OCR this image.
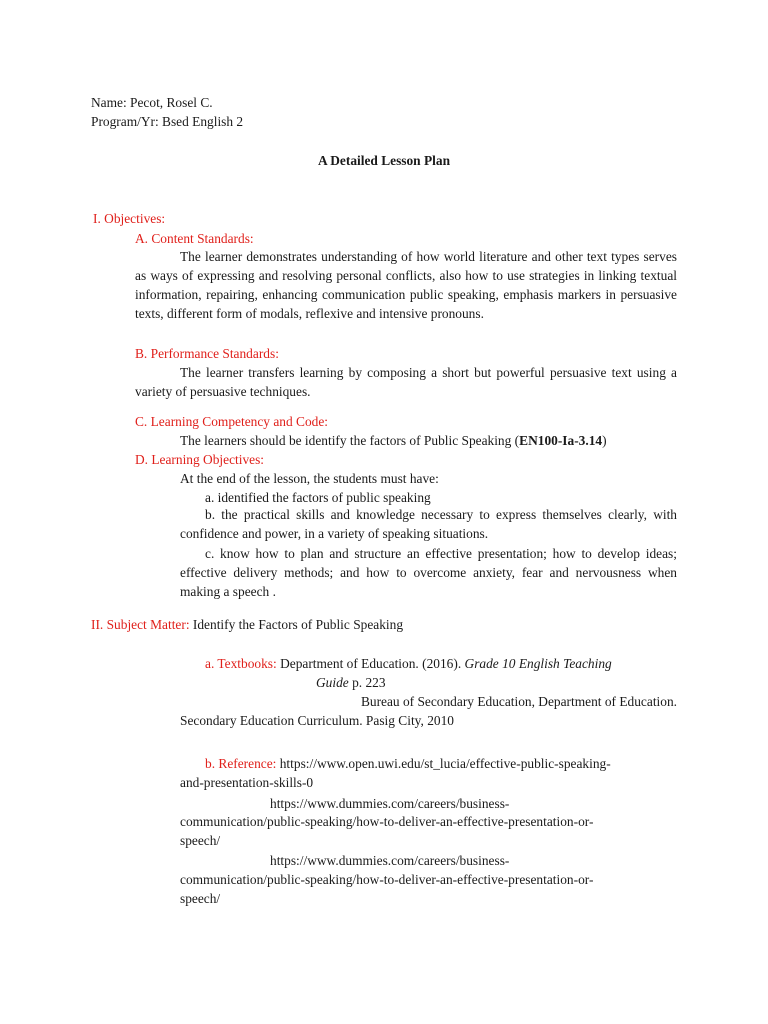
Name: Pecot, Rosel C.
Program/Yr: Bsed English 2
A Detailed Lesson Plan
I. Objectives:
A. Content Standards:

The learner demonstrates understanding of how world literature and other text types serves as ways of expressing and resolving personal conflicts, also how to use strategies in linking textual information, repairing, enhancing communication public speaking, emphasis markers in persuasive texts, different form of modals, reflexive and intensive pronouns.

B. Performance Standards:

The learner transfers learning by composing a short but powerful persuasive text using a variety of persuasive techniques.

C. Learning Competency and Code:
The learners should be identify the factors of Public Speaking (EN100-Ia-3.14)
D. Learning Objectives:
At the end of the lesson, the students must have:
a. identified the factors of public speaking

b. the practical skills and knowledge necessary to express themselves clearly, with confidence and power, in a variety of speaking situations.

c. know how to plan and structure an effective presentation; how to develop ideas; effective delivery methods; and how to overcome anxiety, fear and nervousness when making a speech .

II. Subject Matter: Identify the Factors of Public Speaking
a. Textbooks: Department of Education. (2016). Grade 10 English Teaching
Guide p. 223
Bureau of Secondary Education, Department of Education.
Secondary Education Curriculum. Pasig City, 2010
b. Reference: https://www.open.uwi.edu/st_lucia/effective-public-speaking-
and-presentation-skills-0
https://www.dummies.com/careers/business-
communication/public-speaking/how-to-deliver-an-effective-presentation-or-
speech/
https://www.dummies.com/careers/business-
communication/public-speaking/how-to-deliver-an-effective-presentation-or-
speech/
